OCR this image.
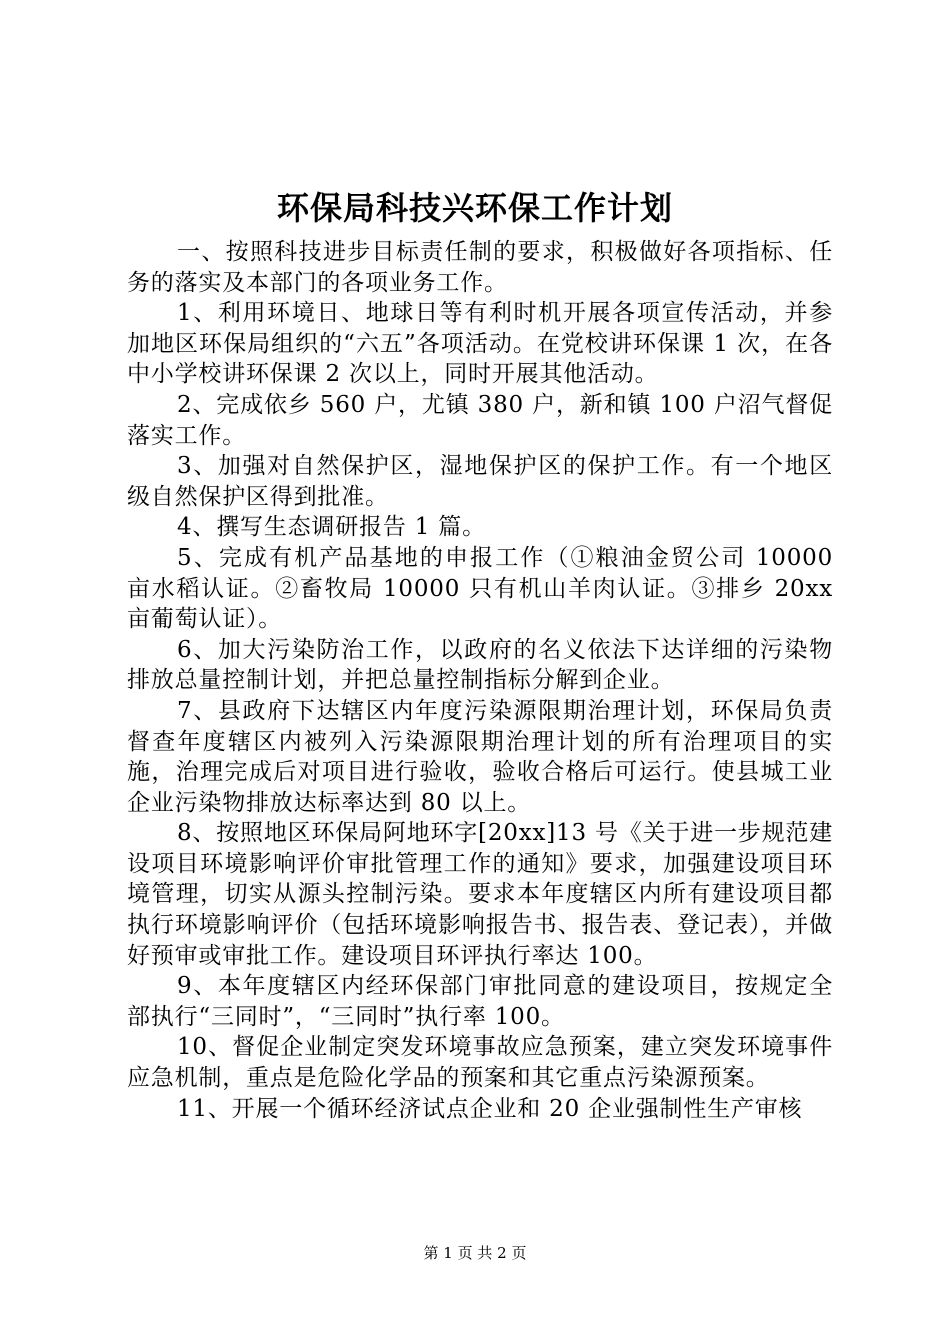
环保局科技兴环保工作计划

一、按照科技进步目标责任制的要求，积极做好各项指标、任务的落实及本部门的各项业务工作。

1、利用环境日、地球日等有利时机开展各项宣传活动，并参加地区环保局组织的“六五”各项活动。在党校讲环保课 1 次，在各中小学校讲环保课 2 次以上，同时开展其他活动。

2、完成依乡 560 户，尤镇 380 户，新和镇 100 户沼气督促落实工作。

3、加强对自然保护区，湿地保护区的保护工作。有一个地区级自然保护区得到批准。

4、撰写生态调研报告 1 篇。

5、完成有机产品基地的申报工作（①粮油金贸公司 10000 亩水稻认证。②畜牧局 10000 只有机山羊肉认证。③排乡 20xx 亩葡萄认证）。

6、加大污染防治工作，以政府的名义依法下达详细的污染物排放总量控制计划，并把总量控制指标分解到企业。

7、县政府下达辖区内年度污染源限期治理计划，环保局负责督查年度辖区内被列入污染源限期治理计划的所有治理项目的实施，治理完成后对项目进行验收，验收合格后可运行。使县城工业企业污染物排放达标率达到 80 以上。

8、按照地区环保局阿地环字[20xx]13 号《关于进一步规范建设项目环境影响评价审批管理工作的通知》要求，加强建设项目环境管理，切实从源头控制污染。要求本年度辖区内所有建设项目都执行环境影响评价（包括环境影响报告书、报告表、登记表），并做好预审或审批工作。建设项目环评执行率达 100。

9、本年度辖区内经环保部门审批同意的建设项目，按规定全部执行“三同时”，“三同时”执行率 100。

10、督促企业制定突发环境事故应急预案，建立突发环境事件应急机制，重点是危险化学品的预案和其它重点污染源预案。

11、开展一个循环经济试点企业和 20 企业强制性生产审核

第 1 页 共 2 页
